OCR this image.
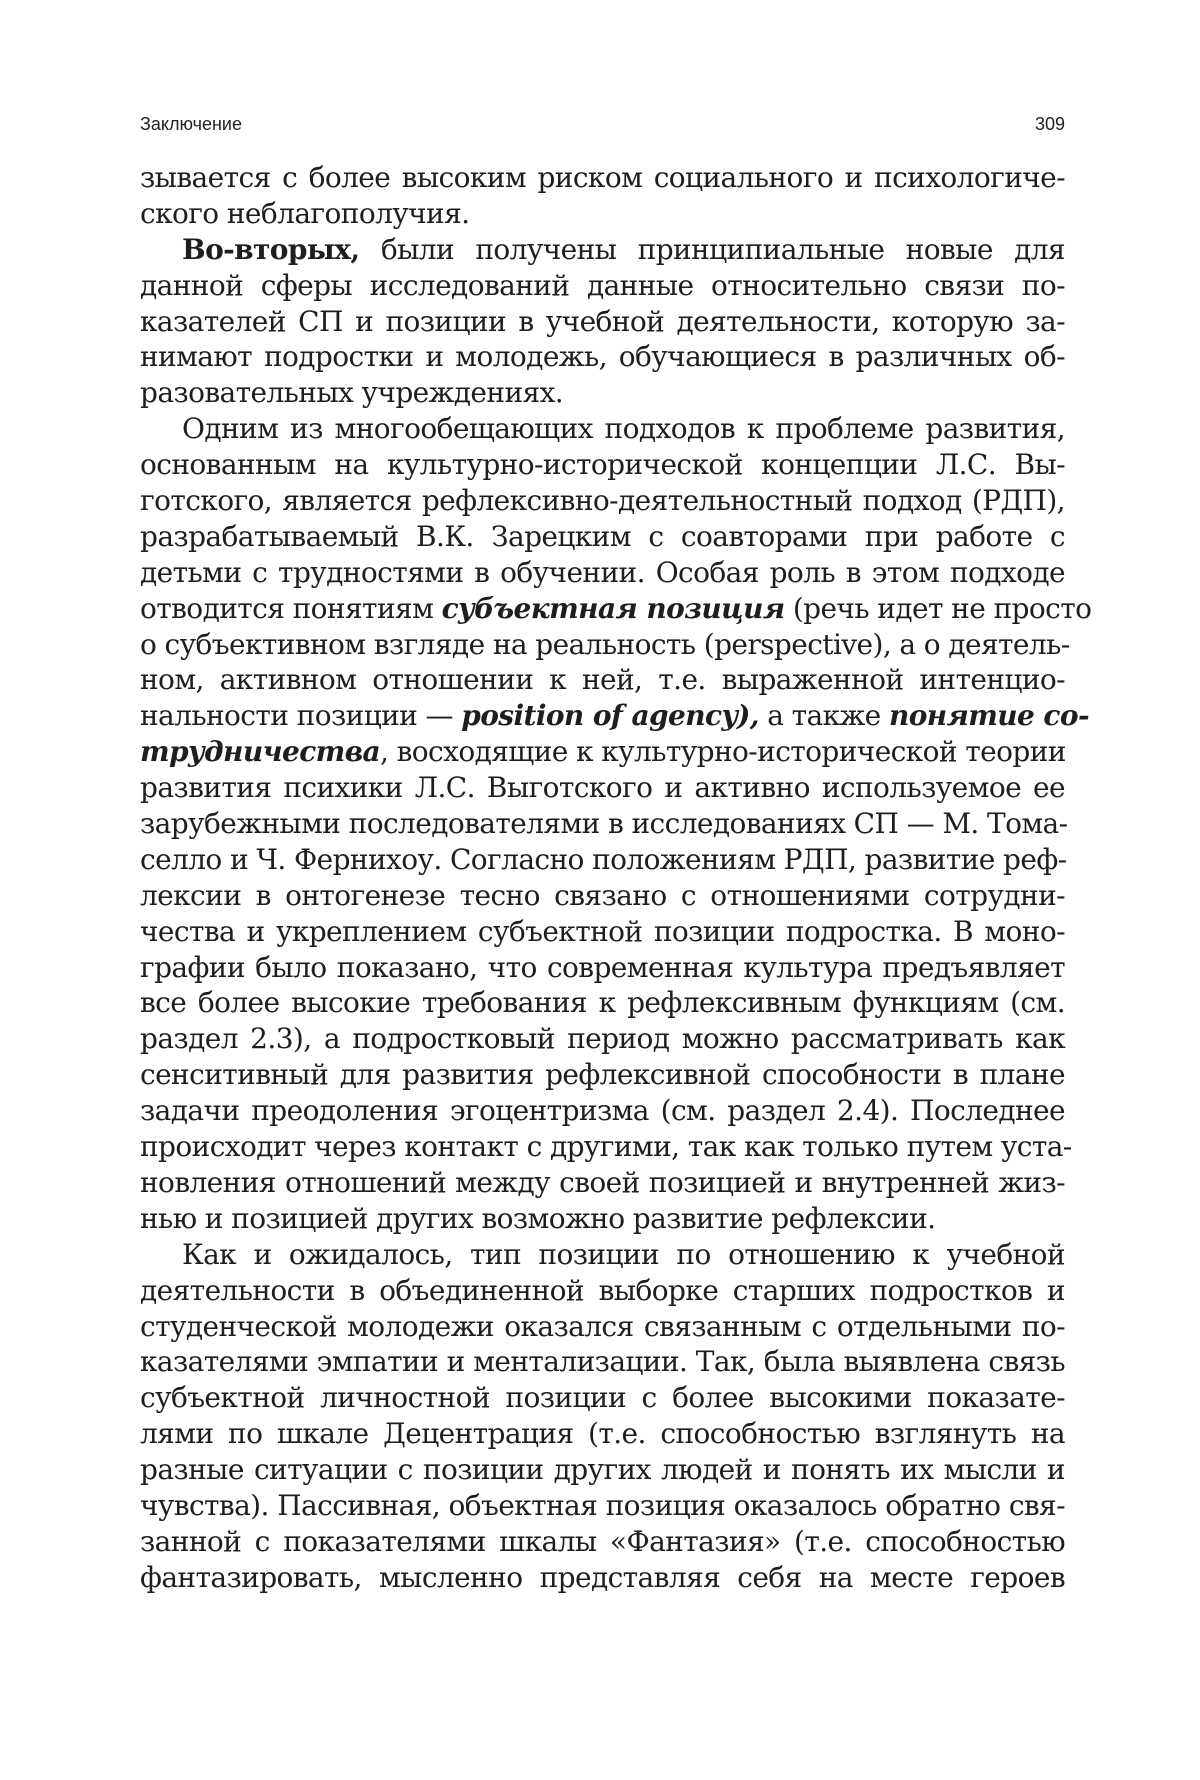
Заключение	309
зывается с более высоким риском социального и психологиче-
ского неблагополучия.
Во-вторых, были получены принципиальные новые для
данной сферы исследований данные относительно связи по-
казателей СП и позиции в учебной деятельности, которую за-
нимают подростки и молодежь, обучающиеся в различных об-
разовательных учреждениях.
Одним из многообещающих подходов к проблеме развития,
основанным на культурно-исторической концепции Л.С. Вы-
готского, является рефлексивно-деятельностный подход (РДП),
разрабатываемый В.К. Зарецким с соавторами при работе с
детьми с трудностями в обучении. Особая роль в этом подходе
отводится понятиям субъектная позиция (речь идет не просто
о субъективном взгляде на реальность (perspective), а о деятель-
ном, активном отношении к ней, т.е. выраженной интенцио-
нальности позиции — position of agency), а также понятие со-
трудничества, восходящие к культурно-исторической теории
развития психики Л.С. Выготского и активно используемое ее
зарубежными последователями в исследованиях СП — М. Тома-
селло и Ч. Фернихоу. Согласно положениям РДП, развитие реф-
лексии в онтогенезе тесно связано с отношениями сотрудни-
чества и укреплением субъектной позиции подростка. В моно-
графии было показано, что современная культура предъявляет
все более высокие требования к рефлексивным функциям (см.
раздел 2.3), а подростковый период можно рассматривать как
сенситивный для развития рефлексивной способности в плане
задачи преодоления эгоцентризма (см. раздел 2.4). Последнее
происходит через контакт с другими, так как только путем уста-
новления отношений между своей позицией и внутренней жиз-
нью и позицией других возможно развитие рефлексии.
Как и ожидалось, тип позиции по отношению к учебной
деятельности в объединенной выборке старших подростков и
студенческой молодежи оказался связанным с отдельными по-
казателями эмпатии и ментализации. Так, была выявлена связь
субъектной личностной позиции с более высокими показате-
лями по шкале Децентрация (т.е. способностью взглянуть на
разные ситуации с позиции других людей и понять их мысли и
чувства). Пассивная, объектная позиция оказалось обратно свя-
занной с показателями шкалы «Фантазия» (т.е. способностью
фантазировать, мысленно представляя себя на месте героев
